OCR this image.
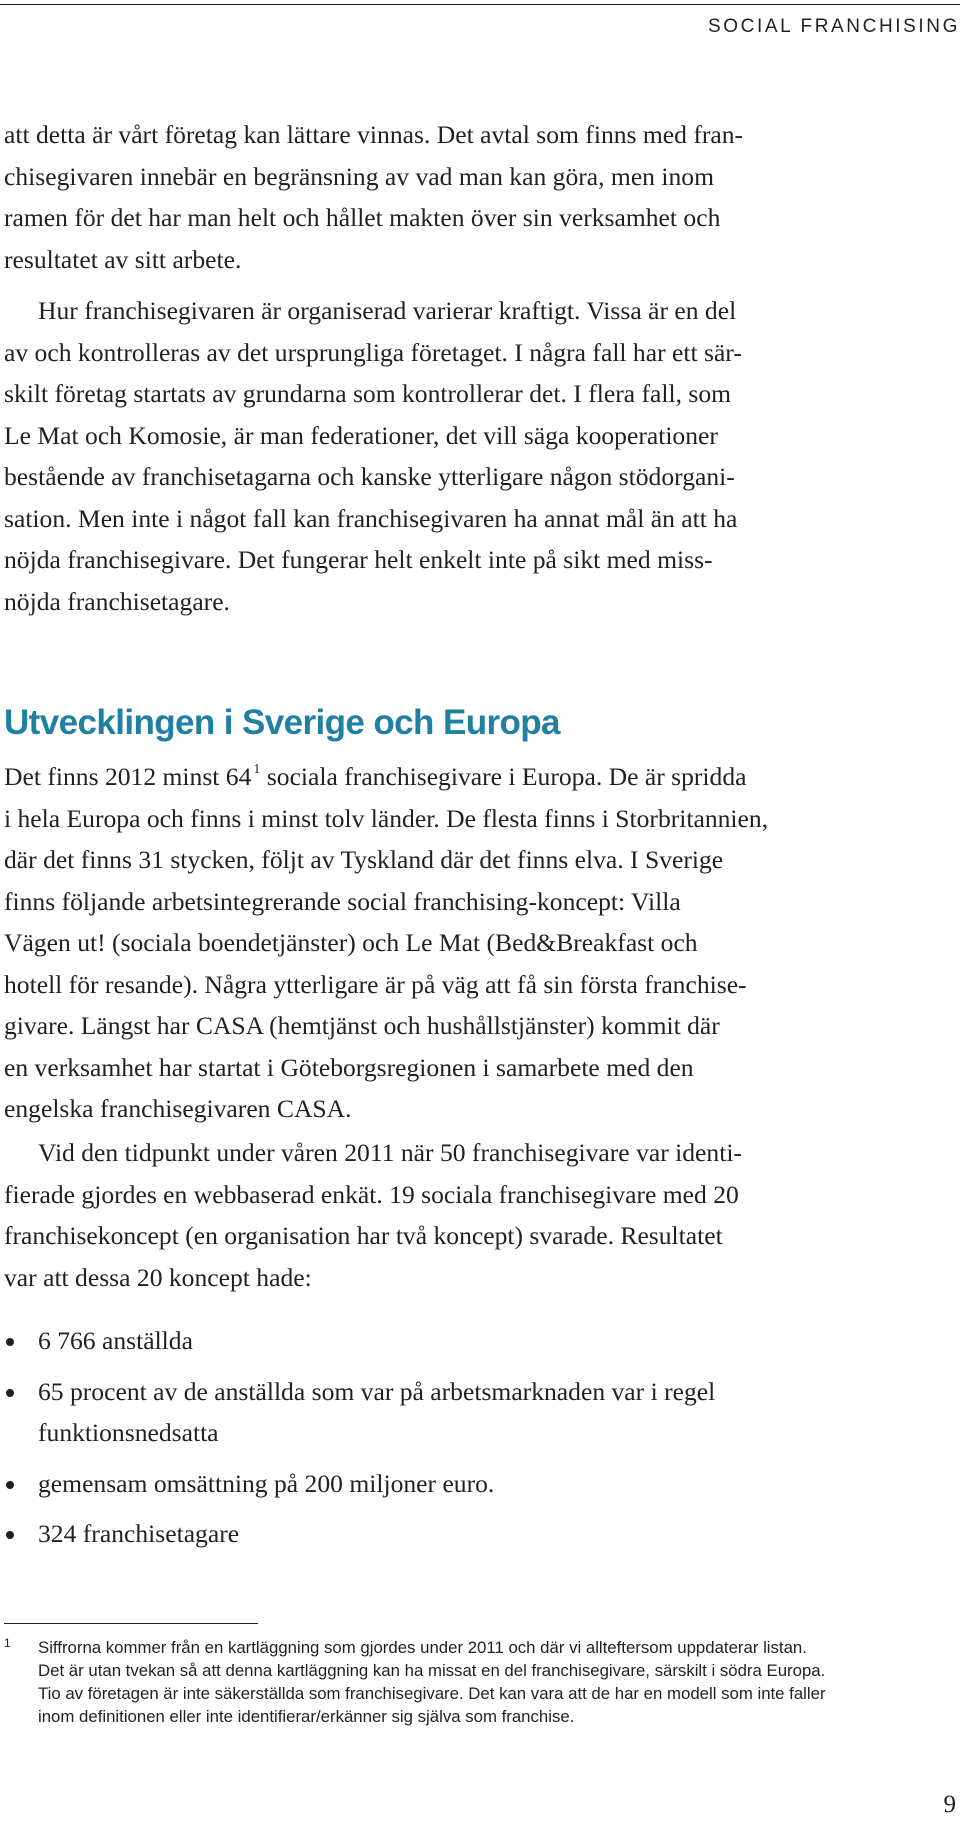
SOCIAL FRANCHISING

att detta är vårt företag kan lättare vinnas. Det avtal som finns med fran-
chisegivaren innebär en begränsning av vad man kan göra, men inom
ramen för det har man helt och hållet makten över sin verksamhet och
resultatet av sitt arbete.

Hur franchisegivaren är organiserad varierar kraftigt. Vissa är en del
av och kontrolleras av det ursprungliga företaget. I några fall har ett sär-
skilt företag startats av grundarna som kontrollerar det. I flera fall, som
Le Mat och Komosie, är man federationer, det vill säga kooperationer
bestående av franchisetagarna och kanske ytterligare någon stödorgani-
sation. Men inte i något fall kan franchisegivaren ha annat mål än att ha
nöjda franchisegivare. Det fungerar helt enkelt inte på sikt med miss-
nöjda franchisetagare.

Utvecklingen i Sverige och Europa

Det finns 2012 minst 64 $^1$ sociala franchisegivare i Europa. De är spridda
i hela Europa och finns i minst tolv länder. De flesta finns i Storbritannien,
där det finns 31 stycken, följt av Tyskland där det finns elva. I Sverige
finns följande arbetsintegrerande social franchising-koncept: Villa
Vägen ut! (sociala boendetjänster) och Le Mat (Bed&Breakfast och
hotell för resande). Några ytterligare är på väg att få sin första franchise-
givare. Längst har CASA (hemtjänst och hushållstjänster) kommit där
en verksamhet har startat i Göteborgsregionen i samarbete med den
engelska franchisegivaren CASA.

Vid den tidpunkt under våren 2011 när 50 franchisegivare var identi-
fierade gjordes en webbaserad enkät. 19 sociala franchisegivare med 20
franchisekoncept (en organisation har två koncept) svarade. Resultatet
var att dessa 20 koncept hade:

6 766 anställda
65 procent av de anställda som var på arbetsmarknaden var i regel
funktionsnedsatta
gemensam omsättning på 200 miljoner euro.
324 franchisetagare
1 Siffrorna kommer från en kartläggning som gjordes under 2011 och där vi allteftersom uppdaterar listan.
Det är utan tvekan så att denna kartläggning kan ha missat en del franchisegivare, särskilt i södra Europa.
Tio av företagen är inte säkerställda som franchisegivare. Det kan vara att de har en modell som inte faller
inom definitionen eller inte identifierar/erkänner sig själva som franchise.
9
